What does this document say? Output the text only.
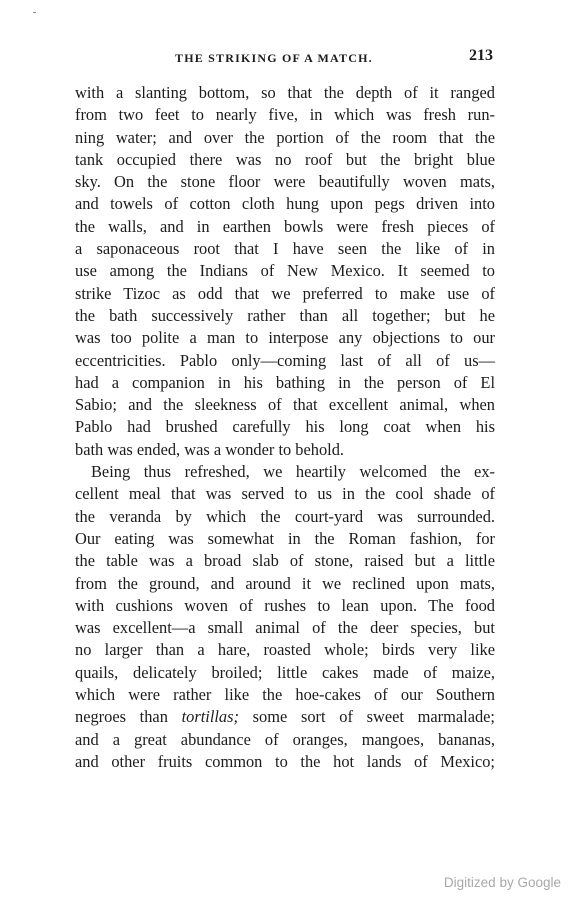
THE STRIKING OF A MATCH.	213
with a slanting bottom, so that the depth of it ranged
from two feet to nearly five, in which was fresh run-
ning water; and over the portion of the room that the
tank occupied there was no roof but the bright blue
sky. On the stone floor were beautifully woven mats,
and towels of cotton cloth hung upon pegs driven into
the walls, and in earthen bowls were fresh pieces of
a saponaceous root that I have seen the like of in
use among the Indians of New Mexico. It seemed to
strike Tizoc as odd that we preferred to make use of
the bath successively rather than all together; but he
was too polite a man to interpose any objections to our
eccentricities. Pablo only—coming last of all of us—
had a companion in his bathing in the person of El
Sabio; and the sleekness of that excellent animal, when
Pablo had brushed carefully his long coat when his
bath was ended, was a wonder to behold.
Being thus refreshed, we heartily welcomed the ex-
cellent meal that was served to us in the cool shade of
the veranda by which the court-yard was surrounded.
Our eating was somewhat in the Roman fashion, for
the table was a broad slab of stone, raised but a little
from the ground, and around it we reclined upon mats,
with cushions woven of rushes to lean upon. The food
was excellent—a small animal of the deer species, but
no larger than a hare, roasted whole; birds very like
quails, delicately broiled; little cakes made of maize,
which were rather like the hoe-cakes of our Southern
negroes than tortillas; some sort of sweet marmalade;
and a great abundance of oranges, mangoes, bananas,
and other fruits common to the hot lands of Mexico;
Digitized by Google
